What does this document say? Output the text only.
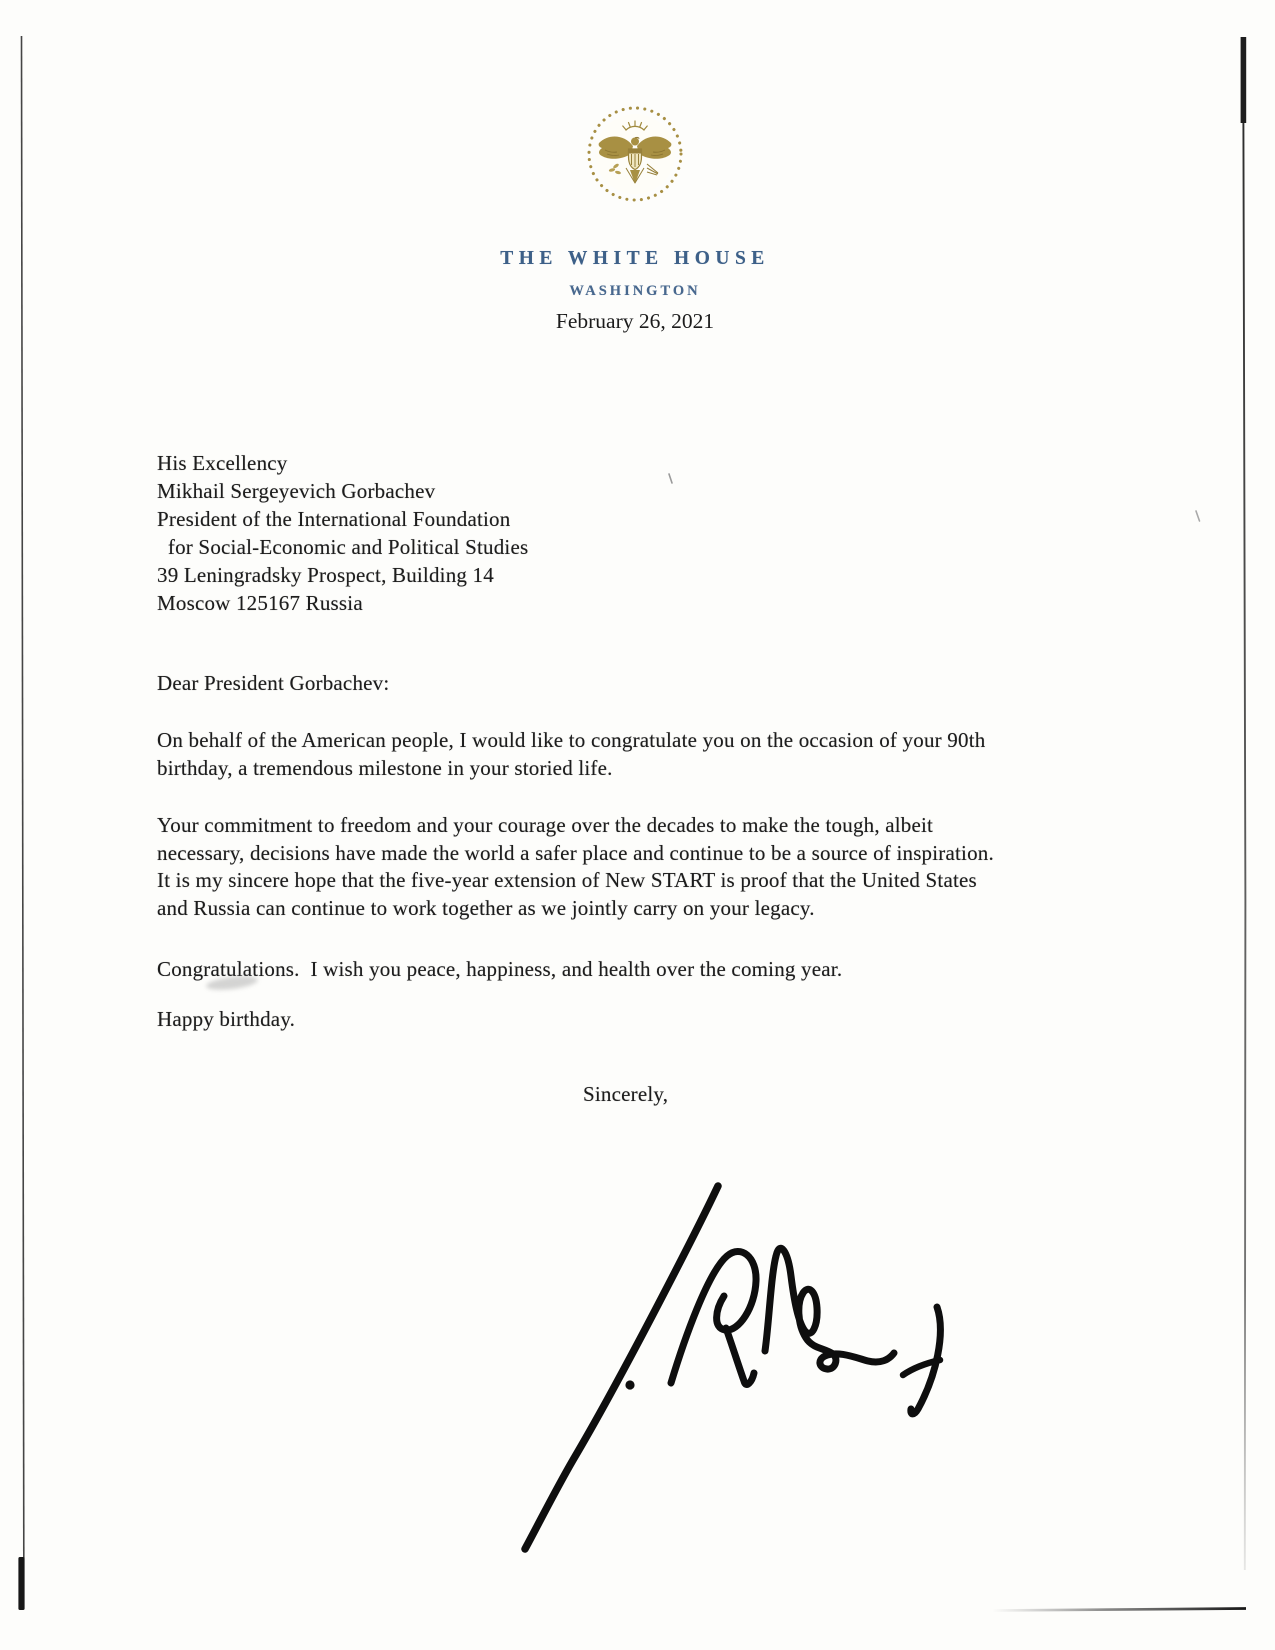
THE WHITE HOUSE
WASHINGTON
February 26, 2021
His Excellency
Mikhail Sergeyevich Gorbachev
President of the International Foundation
for Social-Economic and Political Studies
39 Leningradsky Prospect, Building 14
Moscow 125167 Russia
Dear President Gorbachev:
On behalf of the American people, I would like to congratulate you on the occasion of your 90th
birthday, a tremendous milestone in your storied life.
Your commitment to freedom and your courage over the decades to make the tough, albeit
necessary, decisions have made the world a safer place and continue to be a source of inspiration.
It is my sincere hope that the five-year extension of New START is proof that the United States
and Russia can continue to work together as we jointly carry on your legacy.
Congratulations.  I wish you peace, happiness, and health over the coming year.
Happy birthday.
Sincerely,
